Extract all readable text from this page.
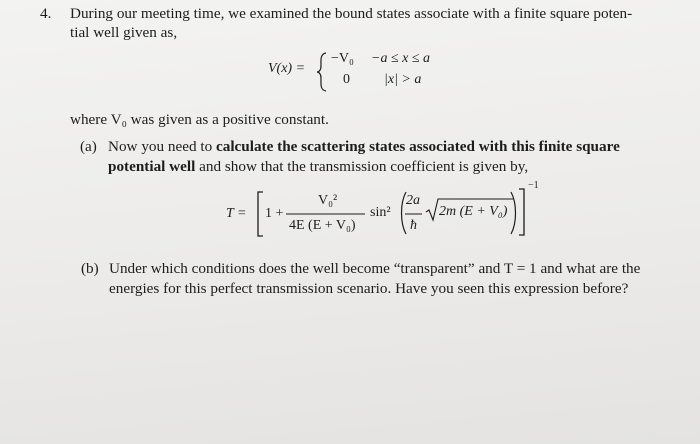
4. During our meeting time, we examined the bound states associate with a finite square poten-
tial well given as,
V(x) =
−V₀ −a ≤ x ≤ a
0 |x| > a
where V₀ was given as a positive constant.
(a) Now you need to calculate the scattering states associated with this finite square
potential well and show that the transmission coefficient is given by,
T = 1 +
V₀²
4E (E + V₀)
sin²
2a
ħ
2m (E + V₀)
−1
(b) Under which conditions does the well become “transparent” and T = 1 and what are the
energies for this perfect transmission scenario. Have you seen this expression before?
